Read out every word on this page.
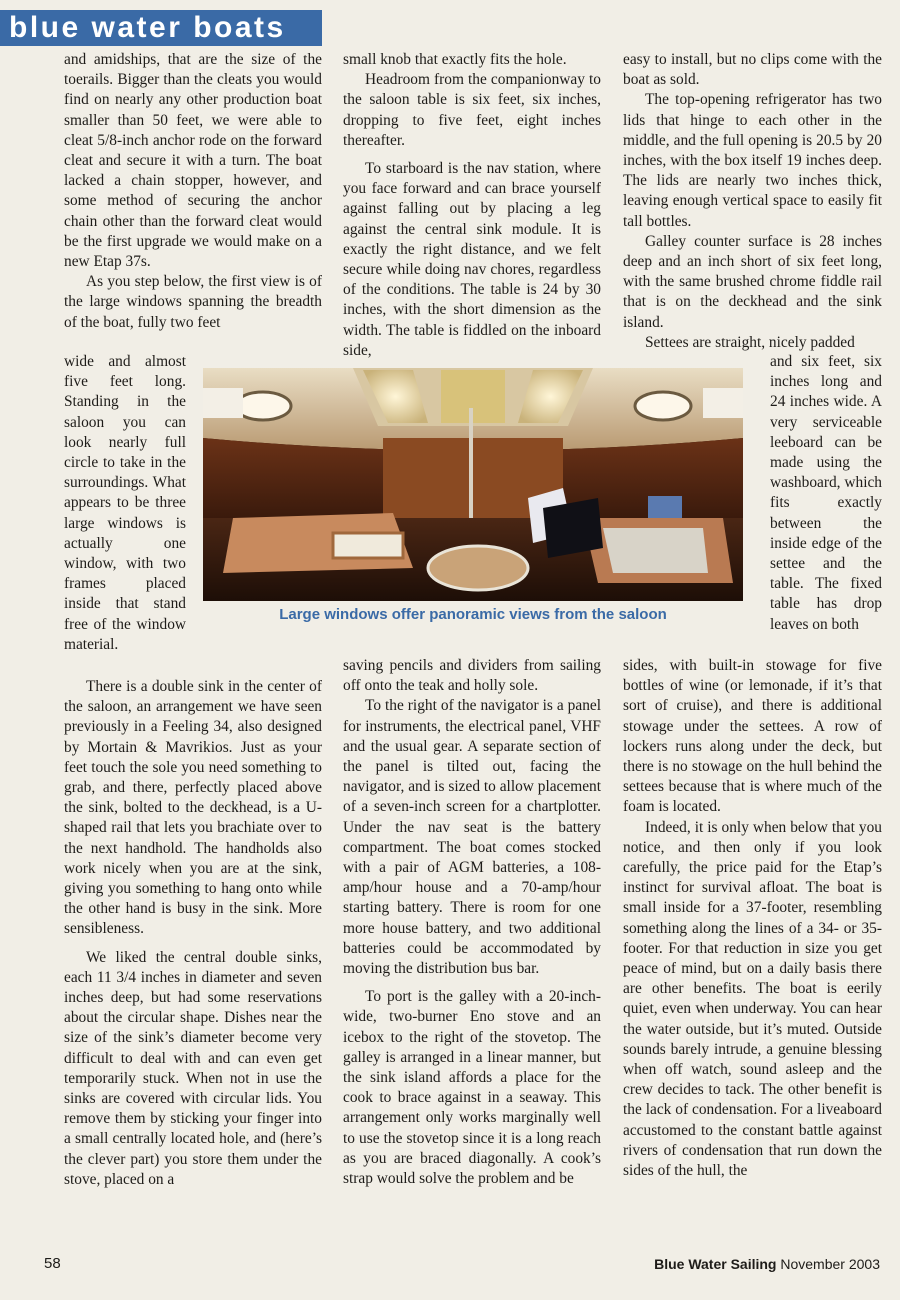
blue water boats

and amidships, that are the size of the toerails. Bigger than the cleats you would find on nearly any other production boat smaller than 50 feet, we were able to cleat 5/8-inch anchor rode on the forward cleat and secure it with a turn. The boat lacked a chain stopper, however, and some method of securing the anchor chain other than the forward cleat would be the first upgrade we would make on a new Etap 37s.

As you step below, the first view is of the large windows spanning the breadth of the boat, fully two feet

wide and almost five feet long. Standing in the saloon you can look nearly full circle to take in the surroundings. What appears to be three large windows is actually one window, with two frames placed inside that stand free of the window material.

There is a double sink in the center of the saloon, an arrangement we have seen previously in a Feeling 34, also designed by Mortain & Mavrikios. Just as your feet touch the sole you need something to grab, and there, perfectly placed above the sink, bolted to the deckhead, is a U-shaped rail that lets you brachiate over to the next handhold. The handholds also work nicely when you are at the sink, giving you something to hang onto while the other hand is busy in the sink. More sensibleness.

We liked the central double sinks, each 11 3/4 inches in diameter and seven inches deep, but had some reservations about the circular shape. Dishes near the size of the sink’s diameter become very difficult to deal with and can even get temporarily stuck. When not in use the sinks are covered with circular lids. You remove them by sticking your finger into a small centrally located hole, and (here’s the clever part) you store them under the stove, placed on a

small knob that exactly fits the hole.

Headroom from the companionway to the saloon table is six feet, six inches, dropping to five feet, eight inches thereafter.

To starboard is the nav station, where you face forward and can brace yourself against falling out by placing a leg against the central sink module. It is exactly the right distance, and we felt secure while doing nav chores, regardless of the conditions. The table is 24 by 30 inches, with the short dimension as the width. The table is fiddled on the inboard side,

saving pencils and dividers from sailing off onto the teak and holly sole.

To the right of the navigator is a panel for instruments, the electrical panel, VHF and the usual gear. A separate section of the panel is tilted out, facing the navigator, and is sized to allow placement of a seven-inch screen for a chartplotter. Under the nav seat is the battery compartment. The boat comes stocked with a pair of AGM batteries, a 108-amp/hour house and a 70-amp/hour starting battery. There is room for one more house battery, and two additional batteries could be accommodated by moving the distribution bus bar.

To port is the galley with a 20-inch-wide, two-burner Eno stove and an icebox to the right of the stovetop. The galley is arranged in a linear manner, but the sink island affords a place for the cook to brace against in a seaway. This arrangement only works marginally well to use the stovetop since it is a long reach as you are braced diagonally. A cook’s strap would solve the problem and be

easy to install, but no clips come with the boat as sold.

The top-opening refrigerator has two lids that hinge to each other in the middle, and the full opening is 20.5 by 20 inches, with the box itself 19 inches deep. The lids are nearly two inches thick, leaving enough vertical space to easily fit tall bottles.

Galley counter surface is 28 inches deep and an inch short of six feet long, with the same brushed chrome fiddle rail that is on the deckhead and the sink island.

Settees are straight, nicely padded

and six feet, six inches long and 24 inches wide. A very serviceable leeboard can be made using the washboard, which fits exactly between the inside edge of the settee and the table. The fixed table has drop leaves on both

sides, with built-in stowage for five bottles of wine (or lemonade, if it’s that sort of cruise), and there is additional stowage under the settees. A row of lockers runs along under the deck, but there is no stowage on the hull behind the settees because that is where much of the foam is located.

Indeed, it is only when below that you notice, and then only if you look carefully, the price paid for the Etap’s instinct for survival afloat. The boat is small inside for a 37-footer, resembling something along the lines of a 34- or 35-footer. For that reduction in size you get peace of mind, but on a daily basis there are other benefits. The boat is eerily quiet, even when underway. You can hear the water outside, but it’s muted. Outside sounds barely intrude, a genuine blessing when off watch, sound asleep and the crew decides to tack. The other benefit is the lack of condensation. For a liveaboard accustomed to the constant battle against rivers of condensation that run down the sides of the hull, the

Large windows offer panoramic views from the saloon
58	Blue Water Sailing November 2003
